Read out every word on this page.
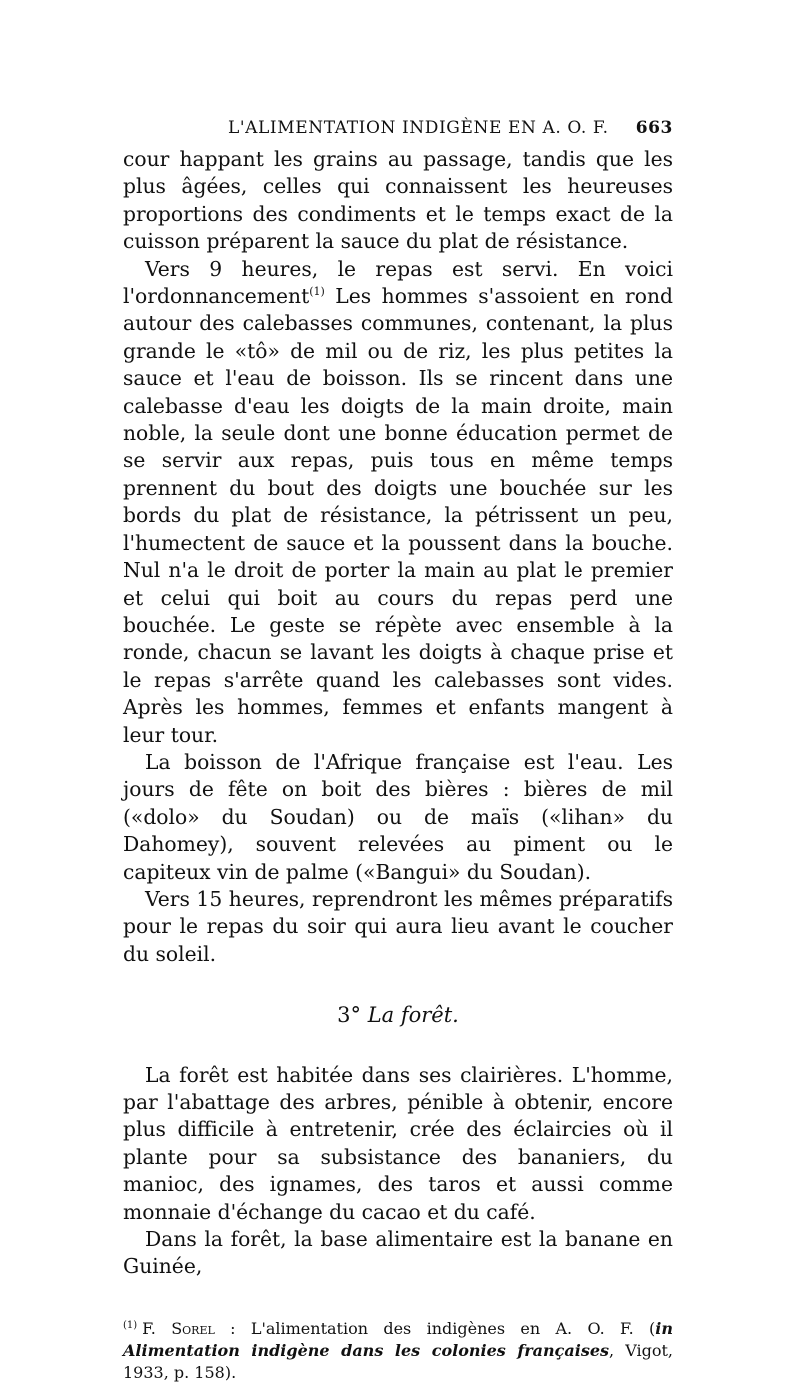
L'ALIMENTATION INDIGÈNE EN A. O. F. 663

cour happant les grains au passage, tandis que les plus âgées, celles qui connaissent les heureuses proportions des condiments et le temps exact de la cuisson préparent la sauce du plat de résistance.

Vers 9 heures, le repas est servi. En voici l'ordonnancement$^{(1)}$ Les hommes s'assoient en rond autour des calebasses communes, contenant, la plus grande le «tô» de mil ou de riz, les plus petites la sauce et l'eau de boisson. Ils se rincent dans une calebasse d'eau les doigts de la main droite, main noble, la seule dont une bonne éducation permet de se servir aux repas, puis tous en même temps prennent du bout des doigts une bouchée sur les bords du plat de résistance, la pétrissent un peu, l'humectent de sauce et la poussent dans la bouche. Nul n'a le droit de porter la main au plat le premier et celui qui boit au cours du repas perd une bouchée. Le geste se répète avec ensemble à la ronde, chacun se lavant les doigts à chaque prise et le repas s'arrête quand les calebasses sont vides. Après les hommes, femmes et enfants mangent à leur tour.

La boisson de l'Afrique française est l'eau. Les jours de fête on boit des bières : bières de mil («dolo» du Soudan) ou de maïs («lihan» du Dahomey), souvent relevées au piment ou le capiteux vin de palme («Bangui» du Soudan).

Vers 15 heures, reprendront les mêmes préparatifs pour le repas du soir qui aura lieu avant le coucher du soleil.

3° La forêt.

La forêt est habitée dans ses clairières. L'homme, par l'abattage des arbres, pénible à obtenir, encore plus difficile à entretenir, crée des éclaircies où il plante pour sa subsistance des bananiers, du manioc, des ignames, des taros et aussi comme monnaie d'échange du cacao et du café.

Dans la forêt, la base alimentaire est la banane en Guinée,

$^{(1)}$ F. Sorel : L'alimentation des indigènes en A. O. F. (in Alimentation indigène dans les colonies françaises, Vigot, 1933, p. 158).
